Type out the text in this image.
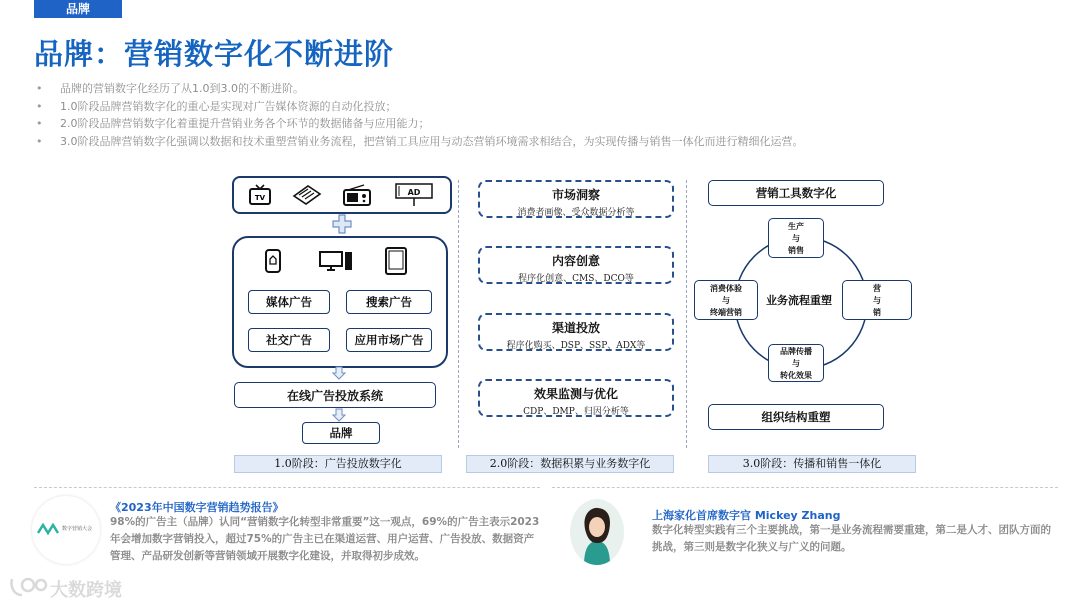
品牌
品牌：营销数字化不断进阶
• 品牌的营销数字化经历了从1.0到3.0的不断进阶。
• 1.0阶段品牌营销数字化的重心是实现对广告媒体资源的自动化投放；
• 2.0阶段品牌营销数字化着重提升营销业务各个环节的数据储备与应用能力；
• 3.0阶段品牌营销数字化强调以数据和技术重塑营销业务流程，把营销工具应用与动态营销环境需求相结合，为实现传播与销售一体化而进行精细化运营。
TV
AD
媒体广告	搜索广告
社交广告	应用市场广告
在线广告投放系统
品牌
1.0阶段：广告投放数字化
市场洞察
消费者画像、受众数据分析等
内容创意
程序化创意、CMS、DCO等
渠道投放
程序化购买、DSP、SSP、ADX等
效果监测与优化
CDP、DMP、归因分析等
2.0阶段：数据积累与业务数字化
营销工具数字化
生产
与
销售
营
与
销
品牌传播
与
转化效果
消费体验
与
终端营销
业务流程重塑
组织结构重塑
3.0阶段：传播和销售一体化
数字营销大会
《2023年中国数字营销趋势报告》
98%的广告主（品牌）认同“营销数字化转型非常重要”这一观点，69%的广告主表示2023年会增加数字营销投入，超过75%的广告主已在渠道运营、用户运营、广告投放、数据资产管理、产品研发创新等营销领域开展数字化建设，并取得初步成效。
上海家化首席数字官 Mickey Zhang
数字化转型实践有三个主要挑战，第一是业务流程需要重建，第二是人才、团队方面的挑战，第三则是数字化狭义与广义的问题。
大数跨境
